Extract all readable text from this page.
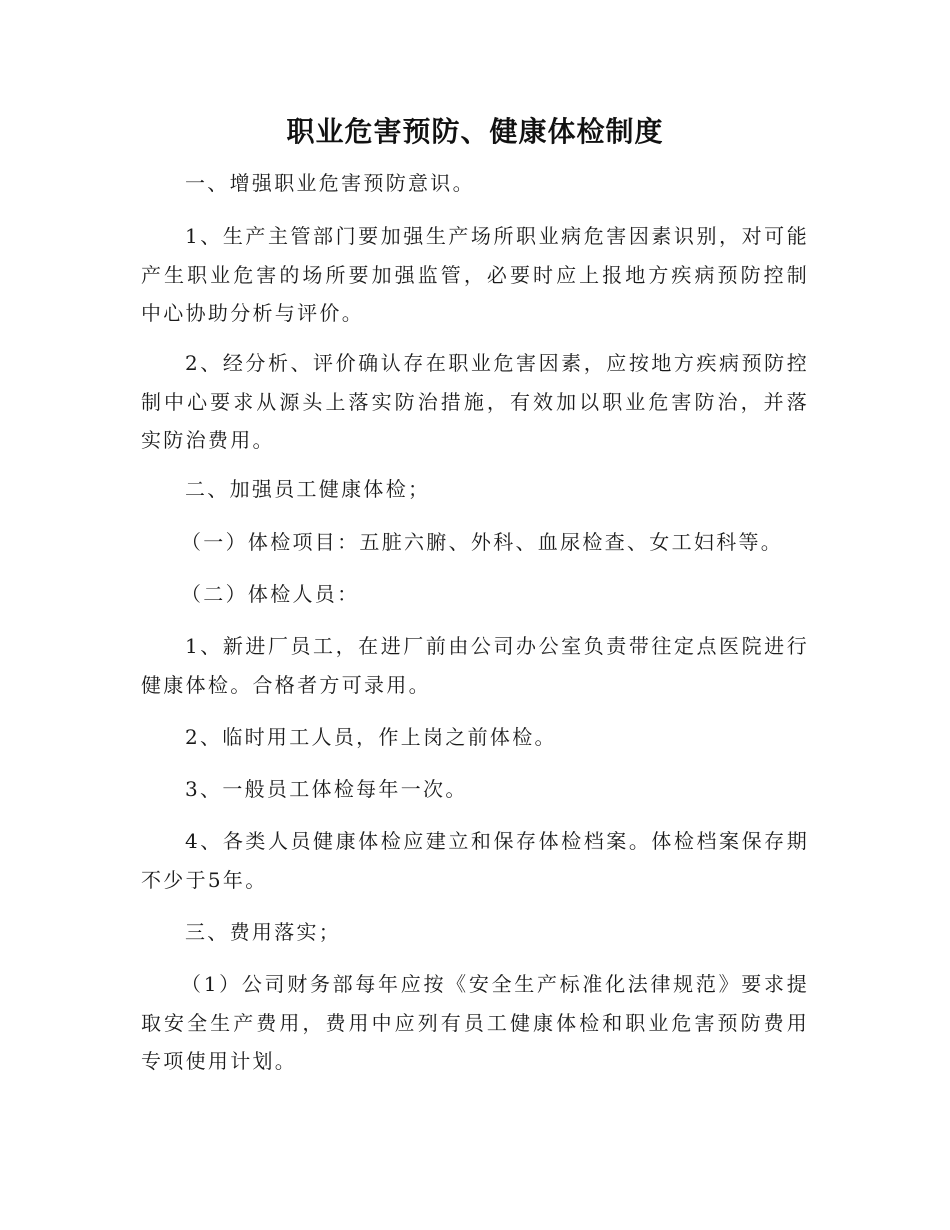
职业危害预防、健康体检制度

一、增强职业危害预防意识。

1、生产主管部门要加强生产场所职业病危害因素识别，对可能产生职业危害的场所要加强监管，必要时应上报地方疾病预防控制中心协助分析与评价。

2、经分析、评价确认存在职业危害因素，应按地方疾病预防控制中心要求从源头上落实防治措施，有效加以职业危害防治，并落实防治费用。

二、加强员工健康体检；

（一）体检项目：五脏六腑、外科、血尿检查、女工妇科等。

（二）体检人员：

1、新进厂员工，在进厂前由公司办公室负责带往定点医院进行健康体检。合格者方可录用。

2、临时用工人员，作上岗之前体检。

3、一般员工体检每年一次。

4、各类人员健康体检应建立和保存体检档案。体检档案保存期不少于5年。

三、费用落实；

（1）公司财务部每年应按《安全生产标准化法律规范》要求提取安全生产费用，费用中应列有员工健康体检和职业危害预防费用专项使用计划。
